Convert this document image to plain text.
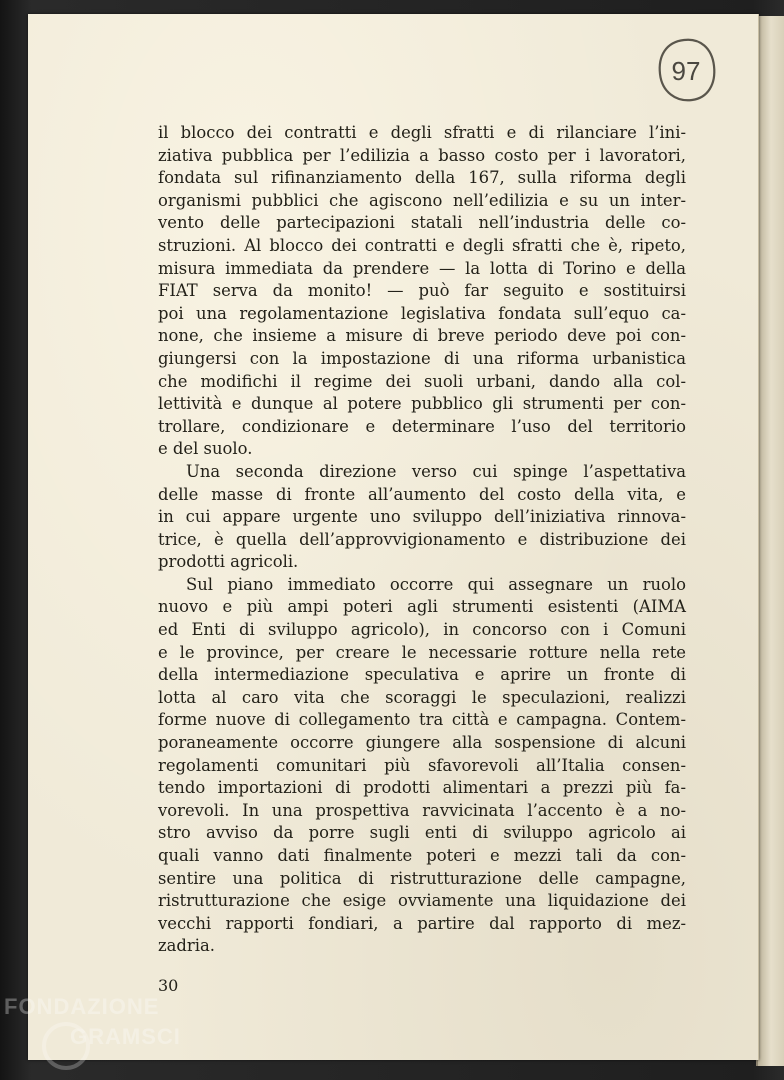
97
il blocco dei contratti e degli sfratti e di rilanciare l’ini-
ziativa pubblica per l’edilizia a basso costo per i lavoratori,
fondata sul rifinanziamento della 167, sulla riforma degli
organismi pubblici che agiscono nell’edilizia e su un inter-
vento delle partecipazioni statali nell’industria delle co-
struzioni. Al blocco dei contratti e degli sfratti che è, ripeto,
misura immediata da prendere — la lotta di Torino e della
FIAT serva da monito! — può far seguito e sostituirsi
poi una regolamentazione legislativa fondata sull’equo ca-
none, che insieme a misure di breve periodo deve poi con-
giungersi con la impostazione di una riforma urbanistica
che modifichi il regime dei suoli urbani, dando alla col-
lettività e dunque al potere pubblico gli strumenti per con-
trollare, condizionare e determinare l’uso del territorio
e del suolo.
Una seconda direzione verso cui spinge l’aspettativa
delle masse di fronte all’aumento del costo della vita, e
in cui appare urgente uno sviluppo dell’iniziativa rinnova-
trice, è quella dell’approvvigionamento e distribuzione dei
prodotti agricoli.
Sul piano immediato occorre qui assegnare un ruolo
nuovo e più ampi poteri agli strumenti esistenti (AIMA
ed Enti di sviluppo agricolo), in concorso con i Comuni
e le province, per creare le necessarie rotture nella rete
della intermediazione speculativa e aprire un fronte di
lotta al caro vita che scoraggi le speculazioni, realizzi
forme nuove di collegamento tra città e campagna. Contem-
poraneamente occorre giungere alla sospensione di alcuni
regolamenti comunitari più sfavorevoli all’Italia consen-
tendo importazioni di prodotti alimentari a prezzi più fa-
vorevoli. In una prospettiva ravvicinata l’accento è a no-
stro avviso da porre sugli enti di sviluppo agricolo ai
quali vanno dati finalmente poteri e mezzi tali da con-
sentire una politica di ristrutturazione delle campagne,
ristrutturazione che esige ovviamente una liquidazione dei
vecchi rapporti fondiari, a partire dal rapporto di mez-
zadria.
30
FONDAZIONE
GRAMSCI
